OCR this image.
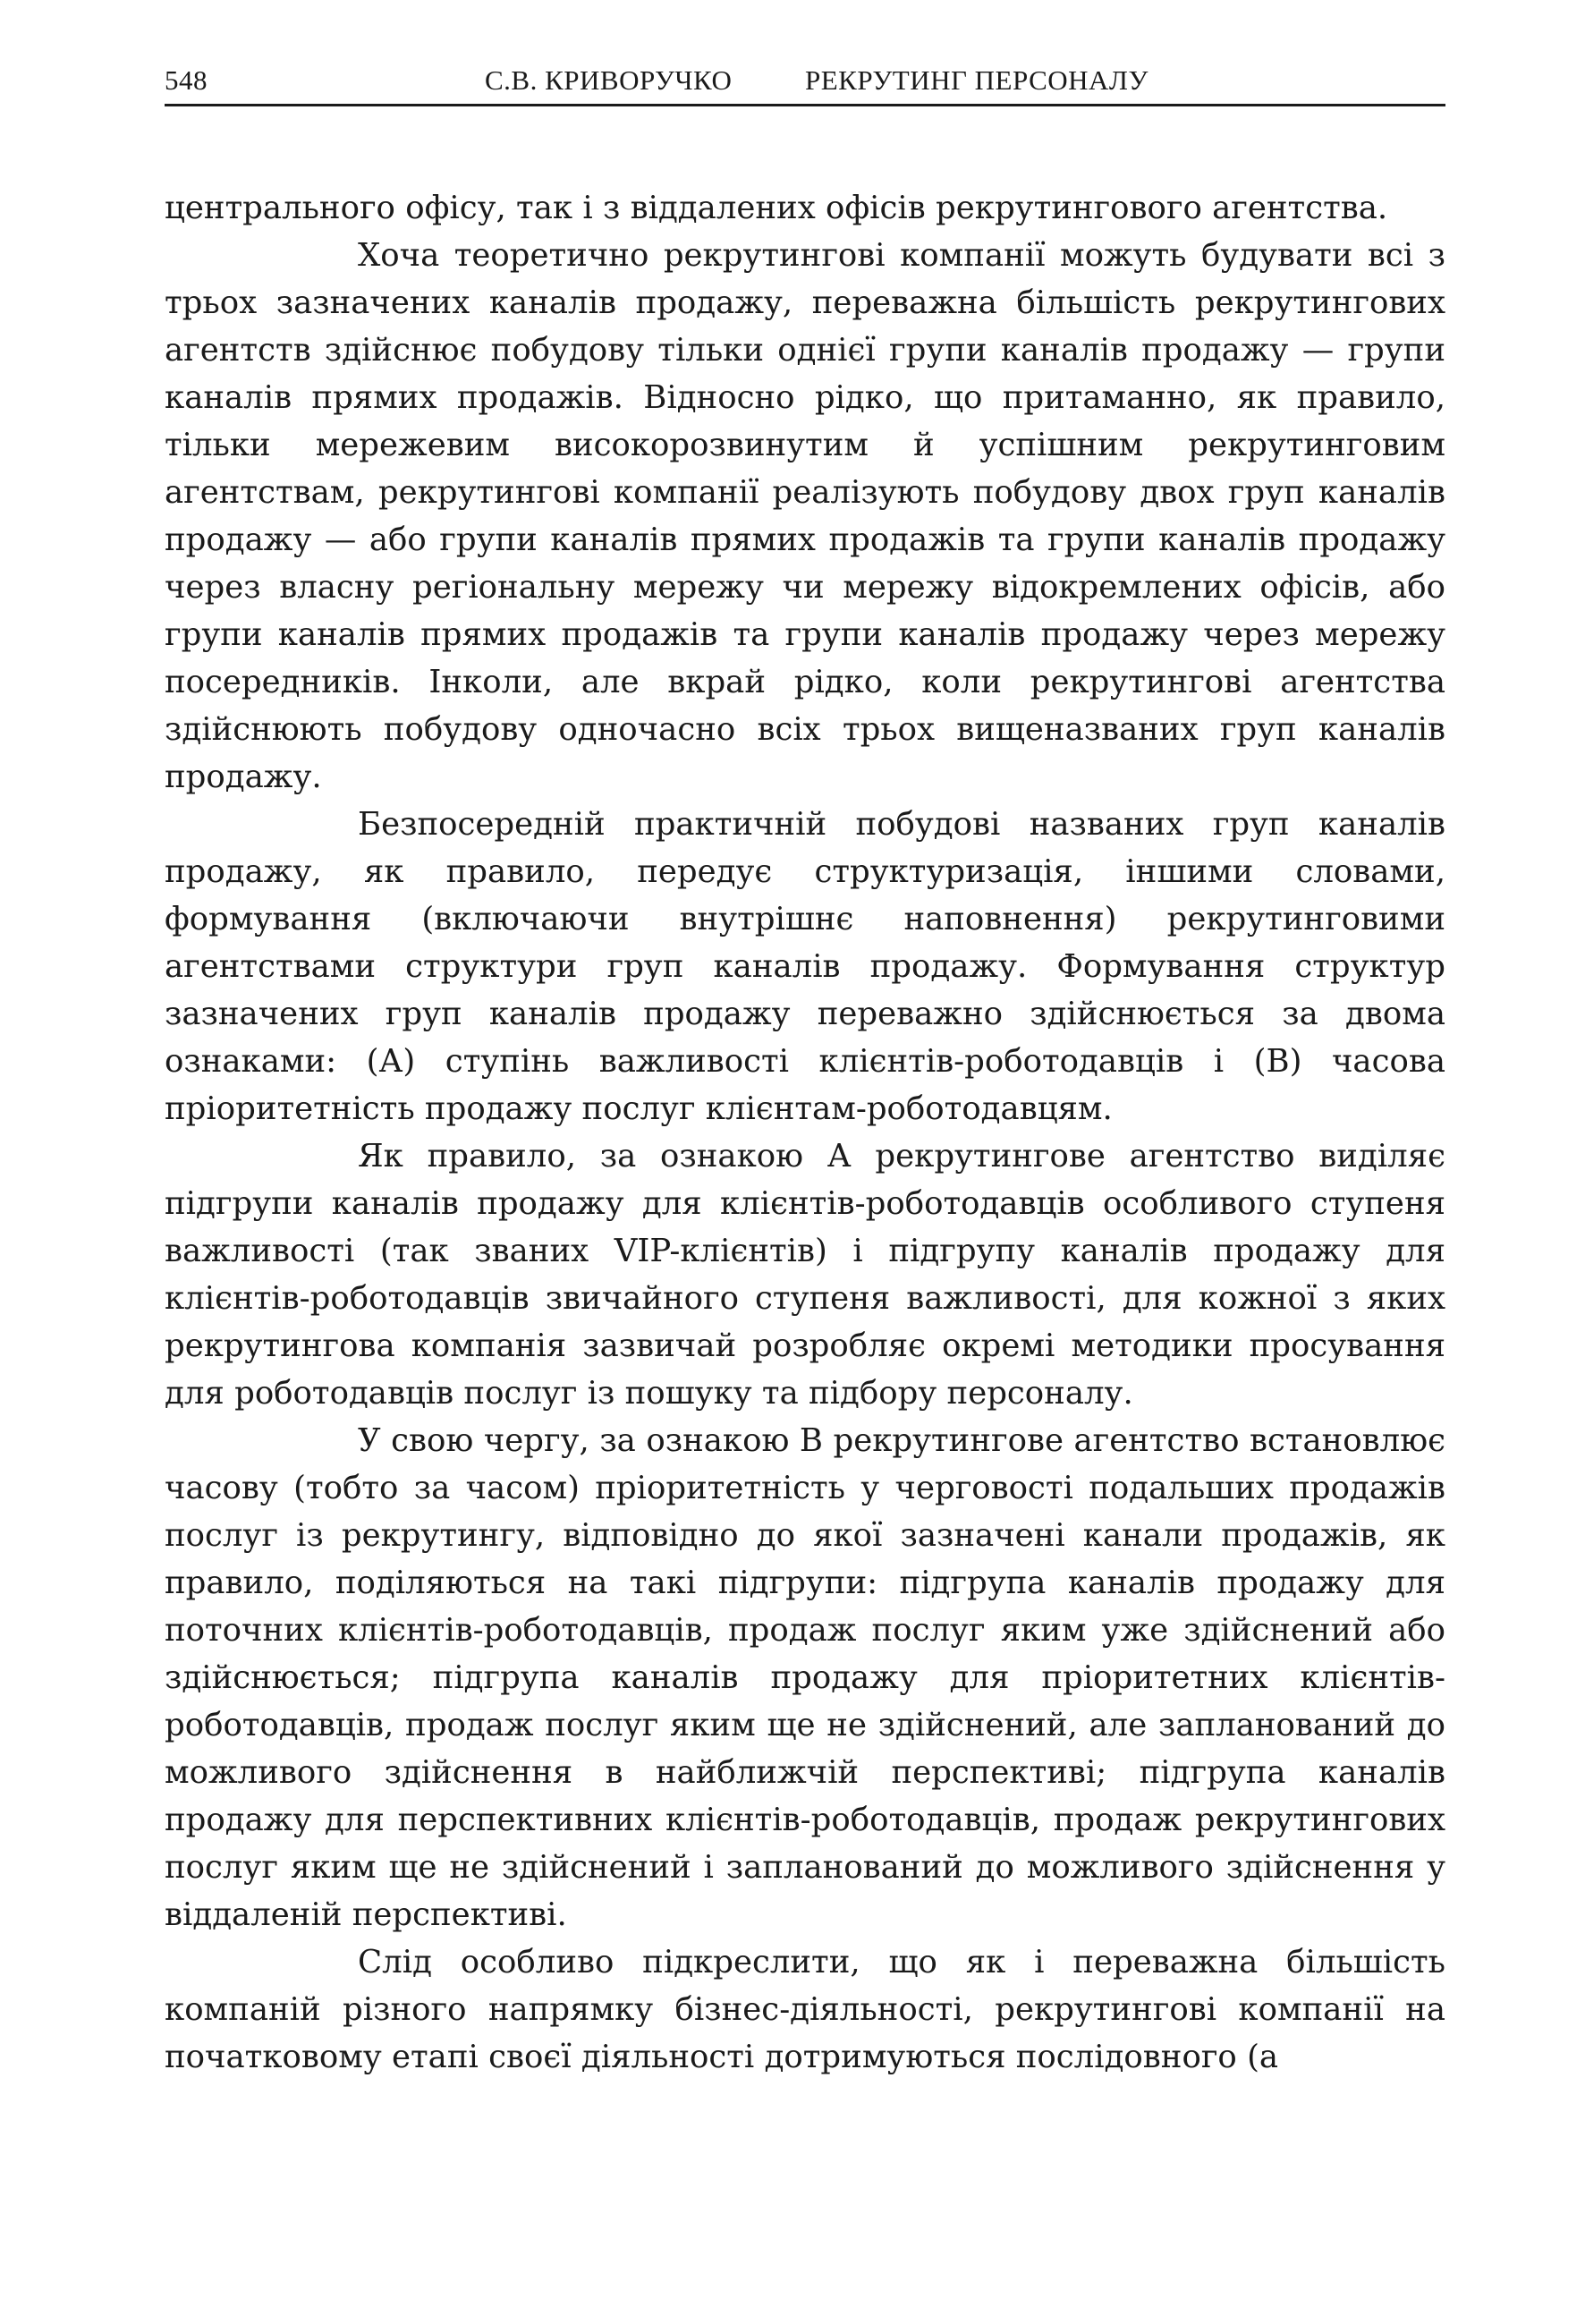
548	С.В. КРИВОРУЧКО	РЕКРУТИНГ ПЕРСОНАЛУ

центрального офісу, так і з віддалених офісів рекрутингового агентства.

Хоча теоретично рекрутингові компанії можуть будувати всі з трьох зазначених каналів продажу, переважна більшість рекрутингових агентств здійснює побудову тільки однієї групи каналів продажу — групи каналів прямих продажів. Відносно рідко, що притаманно, як правило, тільки мережевим високорозвинутим й успішним рекрутинговим агентствам, рекрутингові компанії реалізують побудову двох груп каналів продажу — або групи каналів прямих продажів та групи каналів продажу через власну регіональну мережу чи мережу відокремлених офісів, або групи каналів прямих продажів та групи каналів продажу через мережу посередників. Інколи, але вкрай рідко, коли рекрутингові агентства здійснюють побудову одночасно всіх трьох вищеназваних груп каналів продажу.

Безпосередній практичній побудові названих груп каналів продажу, як правило, передує структуризація, іншими словами, формування (включаючи внутрішнє наповнення) рекрутинговими агентствами структури груп каналів продажу. Формування структур зазначених груп каналів продажу переважно здійснюється за двома ознаками: (А) ступінь важливості клієнтів-роботодавців і (В) часова пріоритетність продажу послуг клієнтам-роботодавцям.

Як правило, за ознакою А рекрутингове агентство виділяє підгрупи каналів продажу для клієнтів-роботодавців особливого ступеня важливості (так званих VIP-клієнтів) і підгрупу каналів продажу для клієнтів-роботодавців звичайного ступеня важливості, для кожної з яких рекрутингова компанія зазвичай розробляє окремі методики просування для роботодавців послуг із пошуку та підбору персоналу.

У свою чергу, за ознакою В рекрутингове агентство встановлює часову (тобто за часом) пріоритетність у черговості подальших продажів послуг із рекрутингу, відповідно до якої зазначені канали продажів, як правило, поділяються на такі підгрупи: підгрупа каналів продажу для поточних клієнтів-роботодавців, продаж послуг яким уже здійснений або здійснюється; підгрупа каналів продажу для пріоритетних клієнтів-роботодавців, продаж послуг яким ще не здійснений, але запланований до можливого здійснення в найближчій перспективі; підгрупа каналів продажу для перспективних клієнтів-роботодавців, продаж рекрутингових послуг яким ще не здійснений і запланований до можливого здійснення у віддаленій перспективі.

Слід особливо підкреслити, що як і переважна більшість компаній різного напрямку бізнес-діяльності, рекрутингові компанії на початковому етапі своєї діяльності дотримуються послідовного (а
